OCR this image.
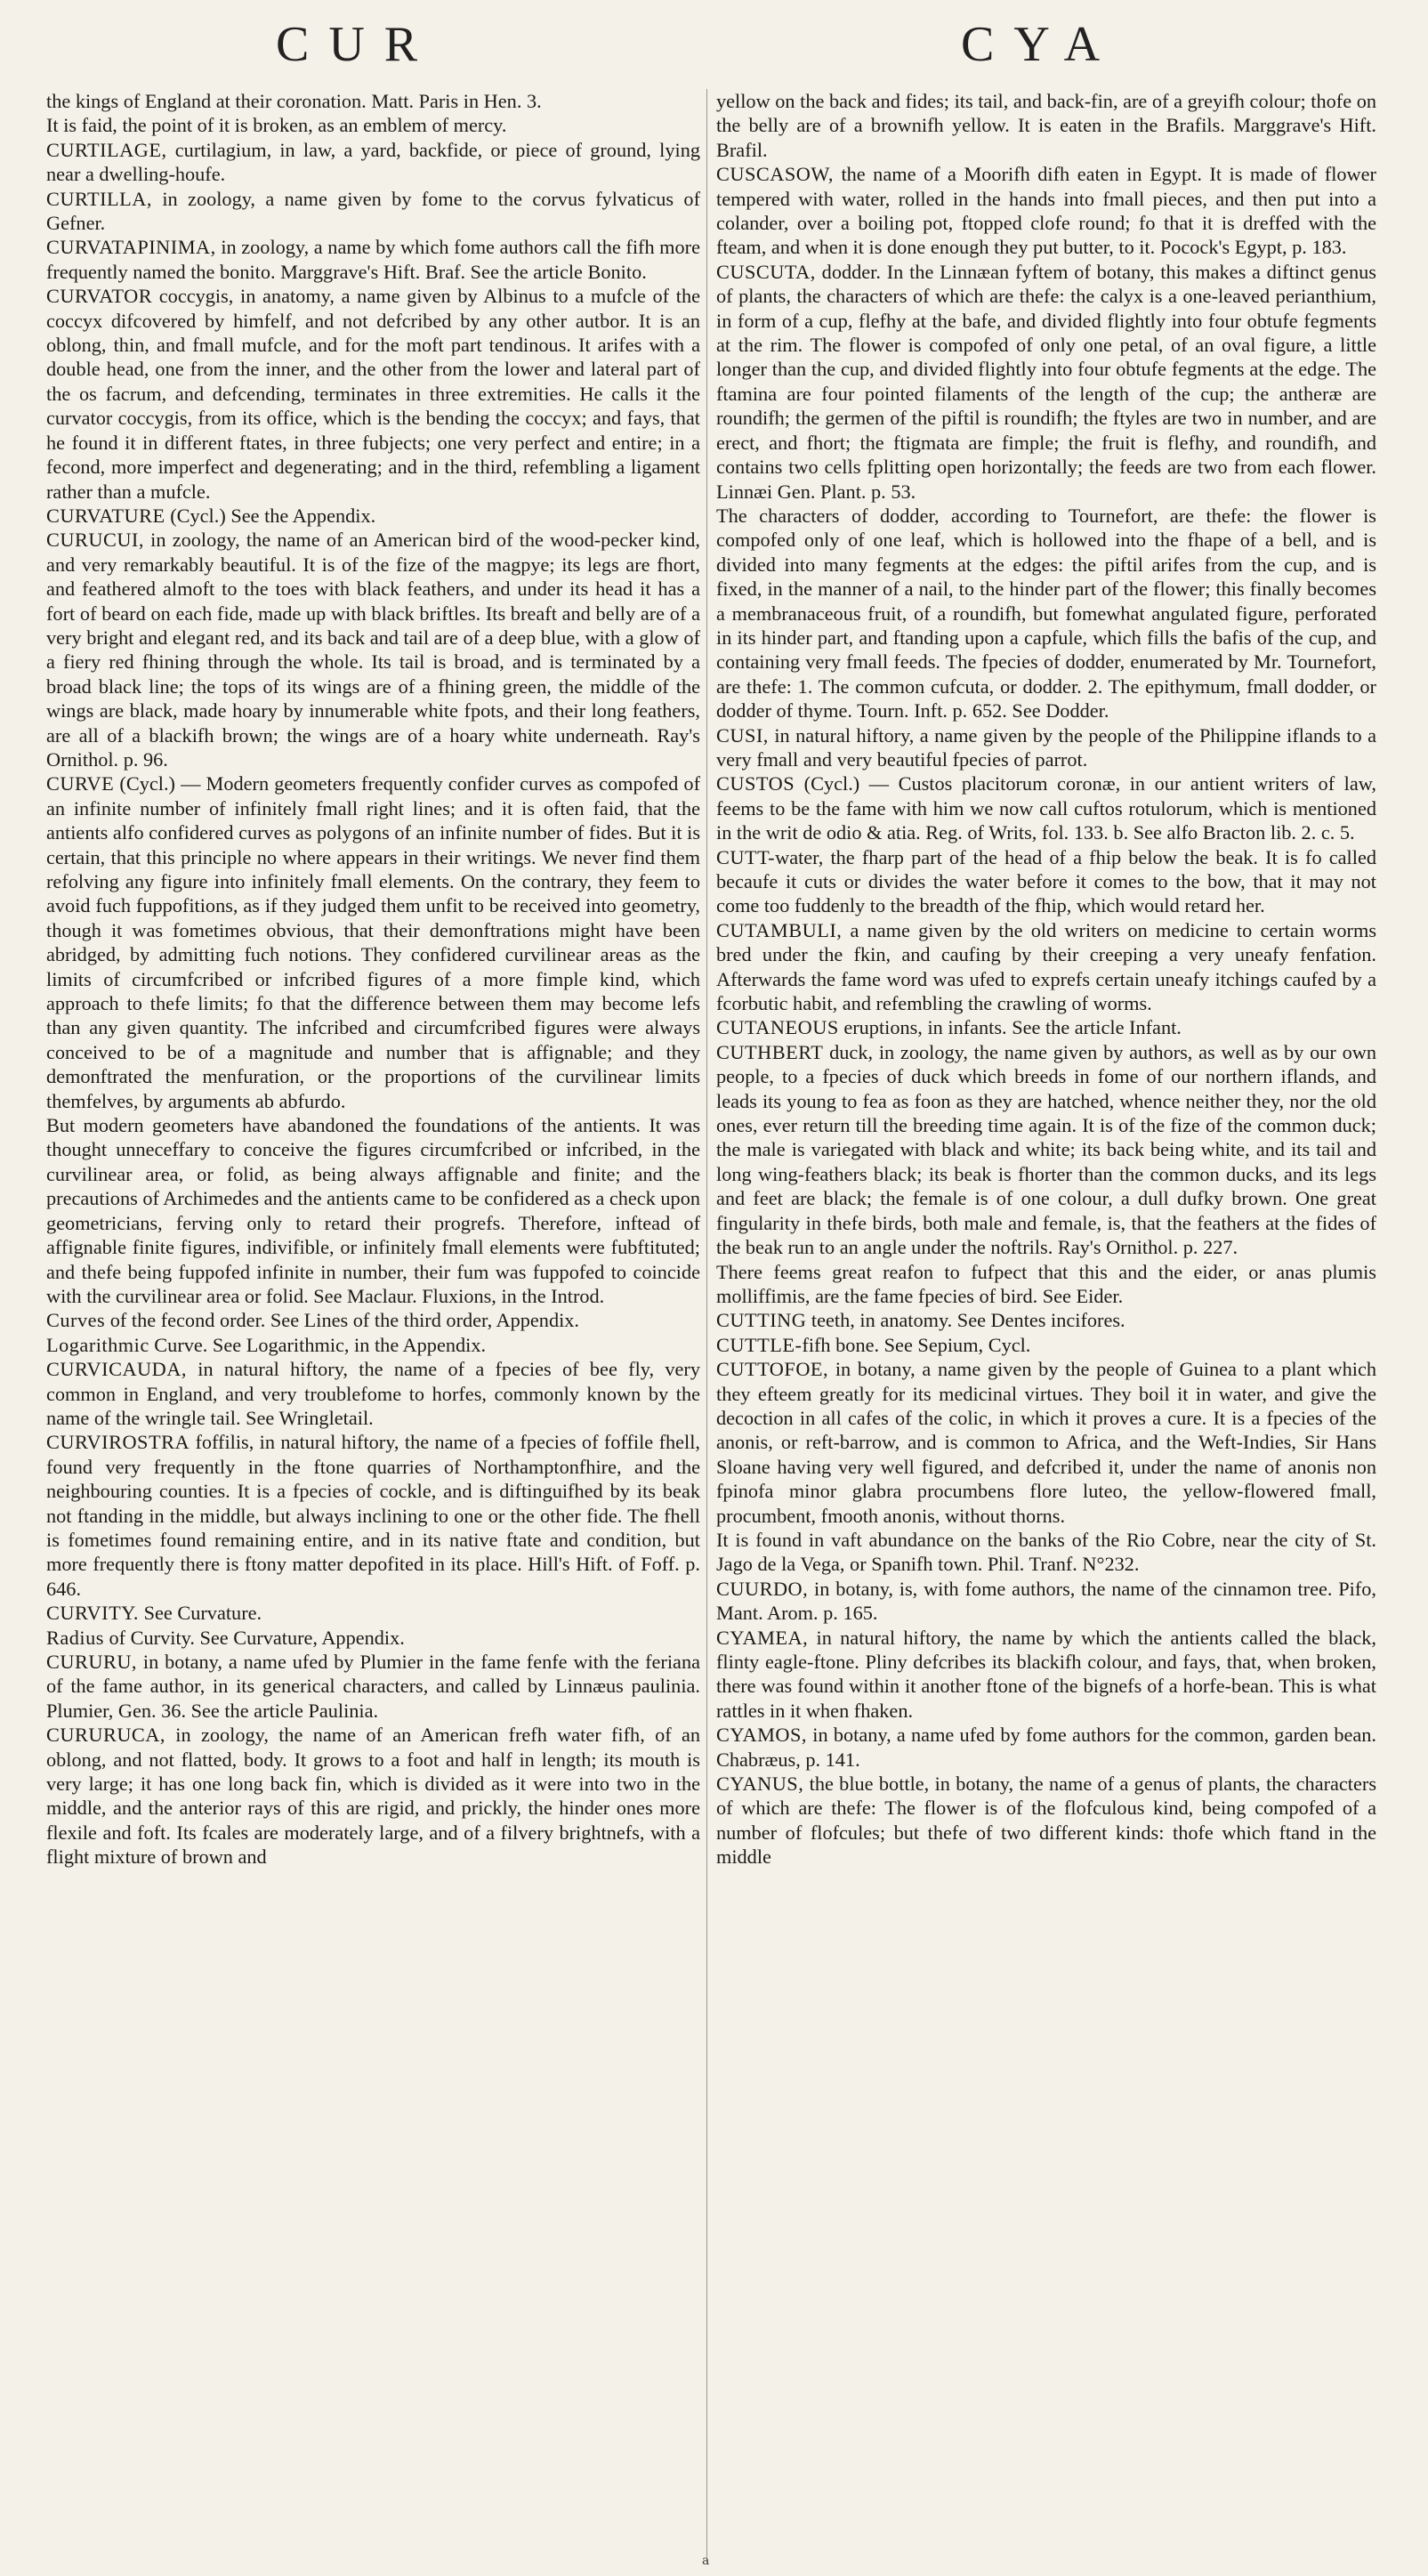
CUR	CYA

the kings of England at their coronation. Matt. Paris in Hen. 3.

It is faid, the point of it is broken, as an emblem of mercy.

CURTILAGE, curtilagium, in law, a yard, backfide, or piece of ground, lying near a dwelling-houfe.

CURTILLA, in zoology, a name given by fome to the corvus fylvaticus of Gefner.

CURVATAPINIMA, in zoology, a name by which fome authors call the fifh more frequently named the bonito. Marggrave's Hift. Braf. See the article Bonito.

CURVATOR coccygis, in anatomy, a name given by Albinus to a mufcle of the coccyx difcovered by himfelf, and not defcribed by any other autbor. It is an oblong, thin, and fmall mufcle, and for the moft part tendinous. It arifes with a double head, one from the inner, and the other from the lower and lateral part of the os facrum, and defcending, terminates in three extremities. He calls it the curvator coccygis, from its office, which is the bending the coccyx; and fays, that he found it in different ftates, in three fubjects; one very perfect and entire; in a fecond, more imperfect and degenerating; and in the third, refembling a ligament rather than a mufcle.

CURVATURE (Cycl.) See the Appendix.

CURUCUI, in zoology, the name of an American bird of the wood-pecker kind, and very remarkably beautiful. It is of the fize of the magpye; its legs are fhort, and feathered almoft to the toes with black feathers, and under its head it has a fort of beard on each fide, made up with black briftles. Its breaft and belly are of a very bright and elegant red, and its back and tail are of a deep blue, with a glow of a fiery red fhining through the whole. Its tail is broad, and is terminated by a broad black line; the tops of its wings are of a fhining green, the middle of the wings are black, made hoary by innumerable white fpots, and their long feathers, are all of a blackifh brown; the wings are of a hoary white underneath. Ray's Ornithol. p. 96.

CURVE (Cycl.) — Modern geometers frequently confider curves as compofed of an infinite number of infinitely fmall right lines; and it is often faid, that the antients alfo confidered curves as polygons of an infinite number of fides. But it is certain, that this principle no where appears in their writings. We never find them refolving any figure into infinitely fmall elements. On the contrary, they feem to avoid fuch fuppofitions, as if they judged them unfit to be received into geometry, though it was fometimes obvious, that their demonftrations might have been abridged, by admitting fuch notions. They confidered curvilinear areas as the limits of circumfcribed or infcribed figures of a more fimple kind, which approach to thefe limits; fo that the difference between them may become lefs than any given quantity. The infcribed and circumfcribed figures were always conceived to be of a magnitude and number that is affignable; and they demonftrated the menfuration, or the proportions of the curvilinear limits themfelves, by arguments ab abfurdo.

But modern geometers have abandoned the foundations of the antients. It was thought unneceffary to conceive the figures circumfcribed or infcribed, in the curvilinear area, or folid, as being always affignable and finite; and the precautions of Archimedes and the antients came to be confidered as a check upon geometricians, ferving only to retard their progrefs. Therefore, inftead of affignable finite figures, indivifible, or infinitely fmall elements were fubftituted; and thefe being fuppofed infinite in number, their fum was fuppofed to coincide with the curvilinear area or folid. See Maclaur. Fluxions, in the Introd.

Curves of the fecond order. See Lines of the third order, Appendix.

Logarithmic Curve. See Logarithmic, in the Appendix.

CURVICAUDA, in natural hiftory, the name of a fpecies of bee fly, very common in England, and very troublefome to horfes, commonly known by the name of the wringle tail. See Wringletail.

CURVIROSTRA foffilis, in natural hiftory, the name of a fpecies of foffile fhell, found very frequently in the ftone quarries of Northamptonfhire, and the neighbouring counties. It is a fpecies of cockle, and is diftinguifhed by its beak not ftanding in the middle, but always inclining to one or the other fide. The fhell is fometimes found remaining entire, and in its native ftate and condition, but more frequently there is ftony matter depofited in its place. Hill's Hift. of Foff. p. 646.

CURVITY. See Curvature.

Radius of Curvity. See Curvature, Appendix.

CURURU, in botany, a name ufed by Plumier in the fame fenfe with the feriana of the fame author, in its generical characters, and called by Linnæus paulinia. Plumier, Gen. 36. See the article Paulinia.

CURURUCA, in zoology, the name of an American frefh water fifh, of an oblong, and not flatted, body. It grows to a foot and half in length; its mouth is very large; it has one long back fin, which is divided as it were into two in the middle, and the anterior rays of this are rigid, and prickly, the hinder ones more flexile and foft. Its fcales are moderately large, and of a filvery brightnefs, with a flight mixture of brown and

yellow on the back and fides; its tail, and back-fin, are of a greyifh colour; thofe on the belly are of a brownifh yellow. It is eaten in the Brafils. Marggrave's Hift. Brafil.

CUSCASOW, the name of a Moorifh difh eaten in Egypt. It is made of flower tempered with water, rolled in the hands into fmall pieces, and then put into a colander, over a boiling pot, ftopped clofe round; fo that it is dreffed with the fteam, and when it is done enough they put butter, to it. Pocock's Egypt, p. 183.

CUSCUTA, dodder. In the Linnæan fyftem of botany, this makes a diftinct genus of plants, the characters of which are thefe: the calyx is a one-leaved perianthium, in form of a cup, flefhy at the bafe, and divided flightly into four obtufe fegments at the rim. The flower is compofed of only one petal, of an oval figure, a little longer than the cup, and divided flightly into four obtufe fegments at the edge. The ftamina are four pointed filaments of the length of the cup; the antheræ are roundifh; the germen of the piftil is roundifh; the ftyles are two in number, and are erect, and fhort; the ftigmata are fimple; the fruit is flefhy, and roundifh, and contains two cells fplitting open horizontally; the feeds are two from each flower. Linnæi Gen. Plant. p. 53.

The characters of dodder, according to Tournefort, are thefe: the flower is compofed only of one leaf, which is hollowed into the fhape of a bell, and is divided into many fegments at the edges: the piftil arifes from the cup, and is fixed, in the manner of a nail, to the hinder part of the flower; this finally becomes a membranaceous fruit, of a roundifh, but fomewhat angulated figure, perforated in its hinder part, and ftanding upon a capfule, which fills the bafis of the cup, and containing very fmall feeds. The fpecies of dodder, enumerated by Mr. Tournefort, are thefe: 1. The common cufcuta, or dodder. 2. The epithymum, fmall dodder, or dodder of thyme. Tourn. Inft. p. 652. See Dodder.

CUSI, in natural hiftory, a name given by the people of the Philippine iflands to a very fmall and very beautiful fpecies of parrot.

CUSTOS (Cycl.) — Custos placitorum coronæ, in our antient writers of law, feems to be the fame with him we now call cuftos rotulorum, which is mentioned in the writ de odio & atia. Reg. of Writs, fol. 133. b. See alfo Bracton lib. 2. c. 5.

CUTT-water, the fharp part of the head of a fhip below the beak. It is fo called becaufe it cuts or divides the water before it comes to the bow, that it may not come too fuddenly to the breadth of the fhip, which would retard her.

CUTAMBULI, a name given by the old writers on medicine to certain worms bred under the fkin, and caufing by their creeping a very uneafy fenfation. Afterwards the fame word was ufed to exprefs certain uneafy itchings caufed by a fcorbutic habit, and refembling the crawling of worms.

CUTANEOUS eruptions, in infants. See the article Infant.

CUTHBERT duck, in zoology, the name given by authors, as well as by our own people, to a fpecies of duck which breeds in fome of our northern iflands, and leads its young to fea as foon as they are hatched, whence neither they, nor the old ones, ever return till the breeding time again. It is of the fize of the common duck; the male is variegated with black and white; its back being white, and its tail and long wing-feathers black; its beak is fhorter than the common ducks, and its legs and feet are black; the female is of one colour, a dull dufky brown. One great fingularity in thefe birds, both male and female, is, that the feathers at the fides of the beak run to an angle under the noftrils. Ray's Ornithol. p. 227.

There feems great reafon to fufpect that this and the eider, or anas plumis molliffimis, are the fame fpecies of bird. See Eider.

CUTTING teeth, in anatomy. See Dentes incifores.

CUTTLE-fifh bone. See Sepium, Cycl.

CUTTOFOE, in botany, a name given by the people of Guinea to a plant which they efteem greatly for its medicinal virtues. They boil it in water, and give the decoction in all cafes of the colic, in which it proves a cure. It is a fpecies of the anonis, or reft-barrow, and is common to Africa, and the Weft-Indies, Sir Hans Sloane having very well figured, and defcribed it, under the name of anonis non fpinofa minor glabra procumbens flore luteo, the yellow-flowered fmall, procumbent, fmooth anonis, without thorns.

It is found in vaft abundance on the banks of the Rio Cobre, near the city of St. Jago de la Vega, or Spanifh town. Phil. Tranf. N°232.

CUURDO, in botany, is, with fome authors, the name of the cinnamon tree. Pifo, Mant. Arom. p. 165.

CYAMEA, in natural hiftory, the name by which the antients called the black, flinty eagle-ftone. Pliny defcribes its blackifh colour, and fays, that, when broken, there was found within it another ftone of the bignefs of a horfe-bean. This is what rattles in it when fhaken.

CYAMOS, in botany, a name ufed by fome authors for the common, garden bean. Chabræus, p. 141.

CYANUS, the blue bottle, in botany, the name of a genus of plants, the characters of which are thefe: The flower is of the flofculous kind, being compofed of a number of flofcules; but thefe of two different kinds: thofe which ftand in the middle

a
